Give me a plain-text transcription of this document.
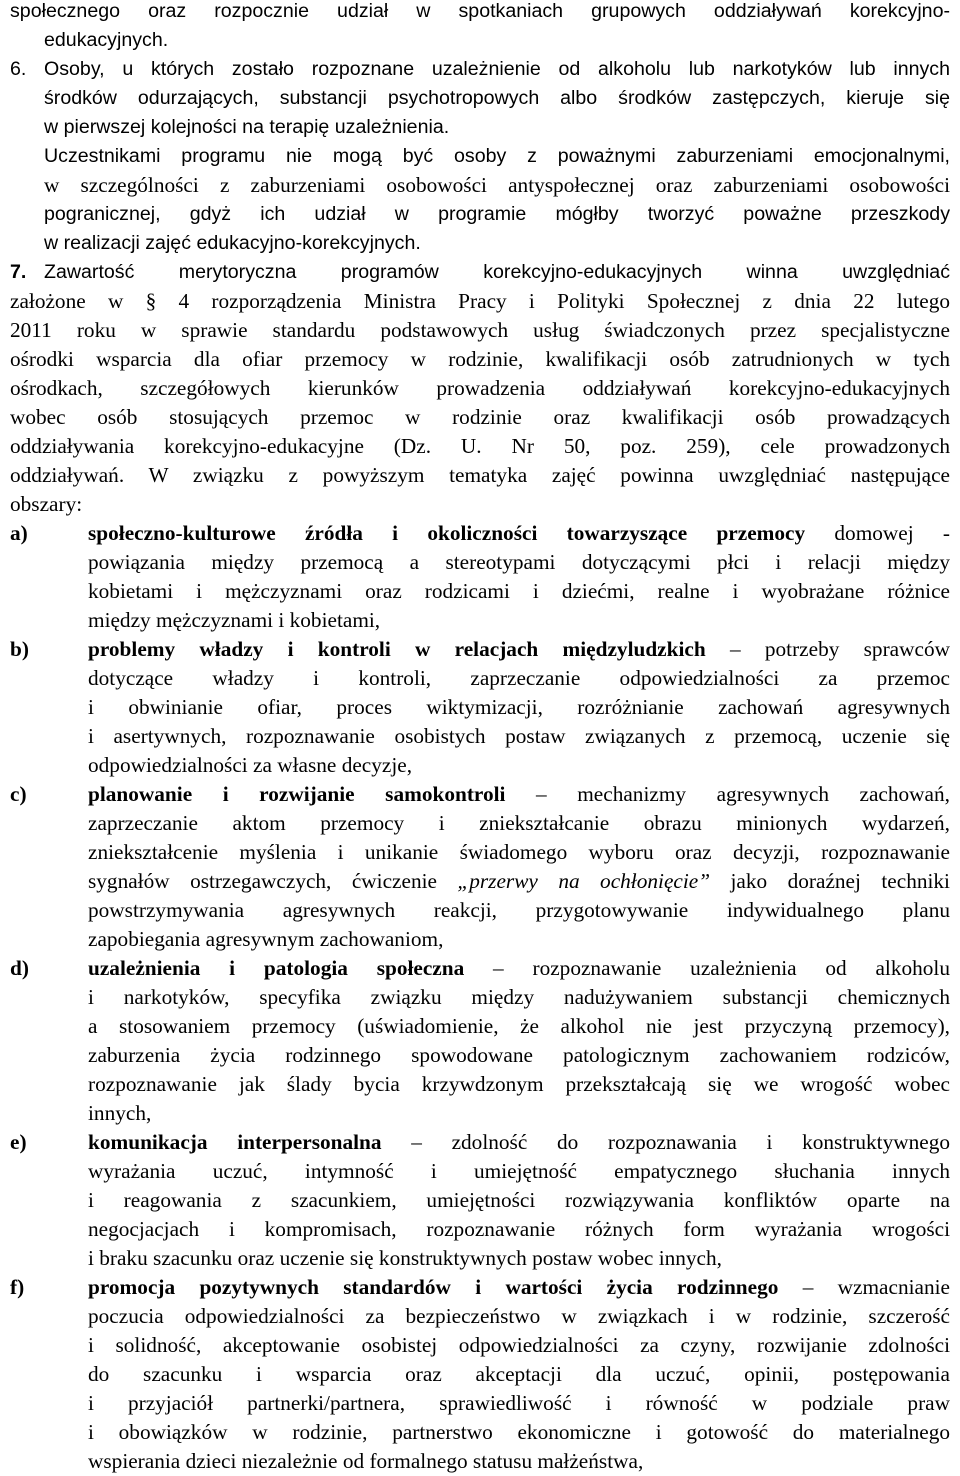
społecznego oraz rozpocznie udział w spotkaniach grupowych oddziaływań korekcyjno-
edukacyjnych.
6. Osoby, u których zostało rozpoznane uzależnienie od alkoholu lub narkotyków lub innych
środków odurzających, substancji psychotropowych albo środków zastępczych, kieruje się
w pierwszej kolejności na terapię uzależnienia.
Uczestnikami programu nie mogą być osoby z poważnymi zaburzeniami emocjonalnymi,
w szczególności z zaburzeniami osobowości antyspołecznej oraz zaburzeniami osobowości
pogranicznej, gdyż ich udział w programie mógłby tworzyć poważne przeszkody
w realizacji zajęć edukacyjno-korekcyjnych.
7. Zawartość merytoryczna programów korekcyjno-edukacyjnych winna uwzględniać
założone w § 4 rozporządzenia Ministra Pracy i Polityki Społecznej z dnia 22 lutego
2011 roku w sprawie standardu podstawowych usług świadczonych przez specjalistyczne
ośrodki wsparcia dla ofiar przemocy w rodzinie, kwalifikacji osób zatrudnionych w tych
ośrodkach, szczegółowych kierunków prowadzenia oddziaływań korekcyjno-edukacyjnych
wobec osób stosujących przemoc w rodzinie oraz kwalifikacji osób prowadzących
oddziaływania korekcyjno-edukacyjne (Dz. U. Nr 50, poz. 259), cele prowadzonych
oddziaływań. W związku z powyższym tematyka zajęć powinna uwzględniać następujące
obszary:
a)	społeczno-kulturowe źródła i okoliczności towarzyszące przemocy domowej -
powiązania między przemocą a stereotypami dotyczącymi płci i relacji między
kobietami i mężczyznami oraz rodzicami i dziećmi, realne i wyobrażane różnice
między mężczyznami i kobietami,
b)	problemy władzy i kontroli w relacjach międzyludzkich – potrzeby sprawców
dotyczące władzy i kontroli, zaprzeczanie odpowiedzialności za przemoc
i obwinianie ofiar, proces wiktymizacji, rozróżnianie zachowań agresywnych
i asertywnych, rozpoznawanie osobistych postaw związanych z przemocą, uczenie się
odpowiedzialności za własne decyzje,
c)	planowanie i rozwijanie samokontroli – mechanizmy agresywnych zachowań,
zaprzeczanie aktom przemocy i zniekształcanie obrazu minionych wydarzeń,
zniekształcenie myślenia i unikanie świadomego wyboru oraz decyzji, rozpoznawanie
sygnałów ostrzegawczych, ćwiczenie „przerwy na ochłonięcie” jako doraźnej techniki
powstrzymywania agresywnych reakcji, przygotowywanie indywidualnego planu
zapobiegania agresywnym zachowaniom,
d)	uzależnienia i patologia społeczna – rozpoznawanie uzależnienia od alkoholu
i narkotyków, specyfika związku między nadużywaniem substancji chemicznych
a stosowaniem przemocy (uświadomienie, że alkohol nie jest przyczyną przemocy),
zaburzenia życia rodzinnego spowodowane patologicznym zachowaniem rodziców,
rozpoznawanie jak ślady bycia krzywdzonym przekształcają się we wrogość wobec
innych,
e)	komunikacja interpersonalna – zdolność do rozpoznawania i konstruktywnego
wyrażania uczuć, intymność i umiejętność empatycznego słuchania innych
i reagowania z szacunkiem, umiejętności rozwiązywania konfliktów oparte na
negocjacjach i kompromisach, rozpoznawanie różnych form wyrażania wrogości
i braku szacunku oraz uczenie się konstruktywnych postaw wobec innych,
f)	promocja pozytywnych standardów i wartości życia rodzinnego – wzmacnianie
poczucia odpowiedzialności za bezpieczeństwo w związkach i w rodzinie, szczerość
i solidność, akceptowanie osobistej odpowiedzialności za czyny, rozwijanie zdolności
do szacunku i wsparcia oraz akceptacji dla uczuć, opinii, postępowania
i przyjaciół partnerki/partnera, sprawiedliwość i równość w podziale praw
i obowiązków w rodzinie, partnerstwo ekonomiczne i gotowość do materialnego
wspierania dzieci niezależnie od formalnego statusu małżeństwa,
